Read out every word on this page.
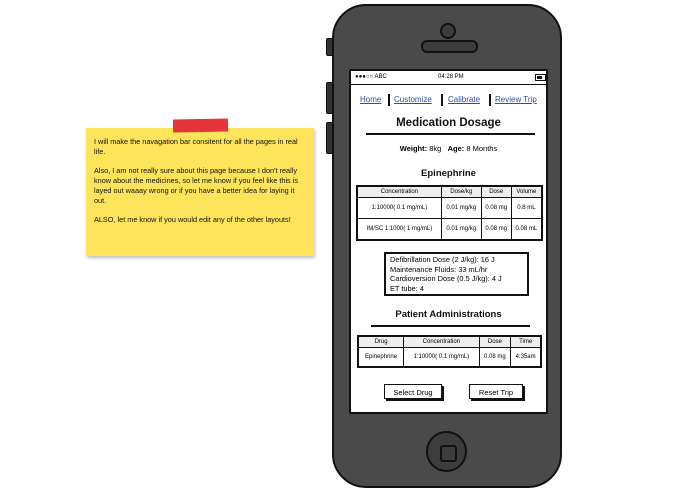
I will make the navagation bar consitent for all the pages in real life.

Also, I am not really sure about this page because I don't really know about the medicines, so let me know if you feel like this is layed out waaay wrong or if you have a better idea for laying it out.

ALSO, let me know if you would edit any of the other layouts!

●●●○○ ABC	04:28 PM
Home Customize Calibrate Review Trip
Medication Dosage
Weight: 8kg Age: 8 Months
Epinephrine
Concentration	Dose/kg	Dose	Volume
1:10000( 0.1 mg/mL)	0.01 mg/kg	0.08 mg	0.8 mL
IM/SC 1:1000( 1 mg/mL)	0.01 mg/kg	0.08 mg	0.08 mL
Defibrillation Dose (2 J/kg): 16 J
Maintenance Fluids: 33 mL/hr
Cardioversion Dose (0.5 J/kg): 4 J
ET tube: 4
Patient Administrations
Drug	Concentration	Dose	Time
Epinephrine	1:10000( 0.1 mg/mL)	0.08 mg	4:35am
Select Drug	Reset Trip
